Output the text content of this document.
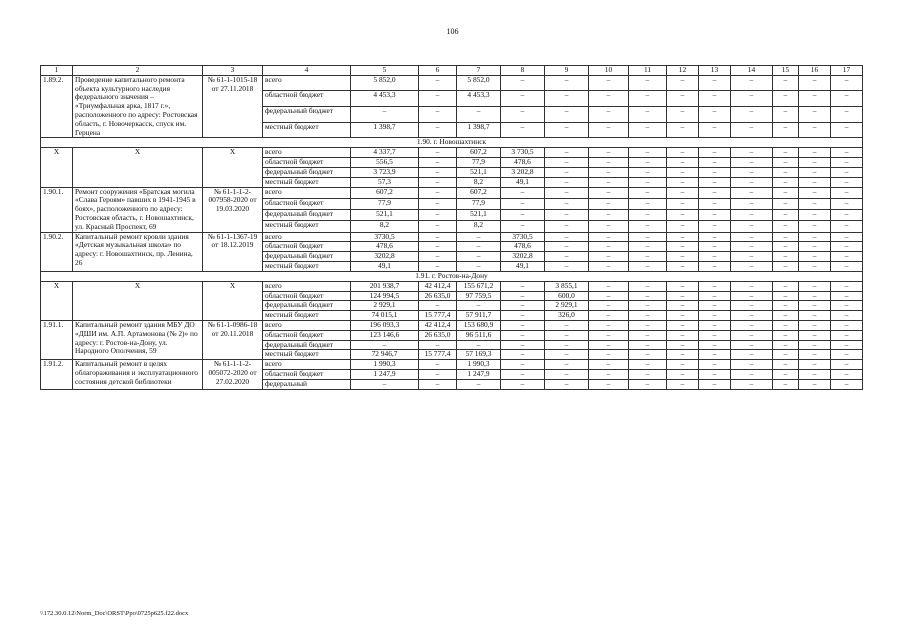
106
1	2	3	4	5	6	7	8	9	10	11	12	13	14	15	16	17
1.89.2.	Проведение капитального ремонта объекта культурного наследия федерального значения – «Триумфальная арка, 1817 г.», расположенного по адресу: Ростовская область, г. Новочеркасск, спуск им. Герцена	№ 61-1-1015-18 от 27.11.2018	всего	5 852,0	–	5 852,0	–	–	–	–	–	–	–	–	–	–
			областной бюджет	4 453,3	–	4 453,3	–	–	–	–	–	–	–	–	–	–
			федеральный бюджет	–	–	–	–	–	–	–	–	–	–	–	–	–
			местный бюджет	1 398,7	–	1 398,7	–	–	–	–	–	–	–	–	–	–
1.90. г. Новошахтинск																
Х	Х	Х	всего	4 337,7	–	607,2	3 730,5	–	–	–	–	–	–	–	–	–
			областной бюджет	556,5	–	77,9	478,6	–	–	–	–	–	–	–	–	–
			федеральный бюджет	3 723,9	–	521,1	3 202,8	–	–	–	–	–	–	–	–	–
			местный бюджет	57,3	–	8,2	49,1	–	–	–	–	–	–	–	–	–
1.90.1.	Ремонт сооружения «Братская могила «Слава Героям» павших в 1941-1945 в боях», расположенного по адресу: Ростовская область, г. Новошахтинск, ул. Красный Проспект, 69	№ 61-1-1-2-007958-2020 от 19.03.2020	всего	607,2	–	607,2	–	–	–	–	–	–	–	–	–	–
			областной бюджет	77,9	–	77,9	–	–	–	–	–	–	–	–	–	–
			федеральный бюджет	521,1	–	521,1	–	–	–	–	–	–	–	–	–	–
			местный бюджет	8,2	–	8,2	–	–	–	–	–	–	–	–	–	–
1.90.2.	Капитальный ремонт кровли здания «Детская музыкальная школа» по адресу: г. Новошахтинск, пр. Ленина, 26	№ 61-1-1367-19 от 18.12.2019	всего	3730,5	–	–	3730,5	–	–	–	–	–	–	–	–	–
			областной бюджет	478,6	–	–	478,6	–	–	–	–	–	–	–	–	–
			федеральный бюджет	3202,8	–	–	3202,8	–	–	–	–	–	–	–	–	–
			местный бюджет	49,1	–	–	49,1	–	–	–	–	–	–	–	–	–
1.91. г. Ростов-на-Дону																
Х	Х	Х	всего	201 938,7	42 412,4	155 671,2	–	3 855,1	–	–	–	–	–	–	–	–
			областной бюджет	124 994,5	26 635,0	97 759,5	–	600,0	–	–	–	–	–	–	–	–
			федеральный бюджет	2 929,1	–	–	–	2 929,1	–	–	–	–	–	–	–	–
			местный бюджет	74 015,1	15 777,4	57 911,7	–	326,0	–	–	–	–	–	–	–	–
1.91.1.	Капитальный ремонт здания МБУ ДО «ДШИ им. А.П. Артамонова (№ 2)» по адресу: г. Ростов-на-Дону, ул. Народного Ополчения, 59	№ 61-1-0986-18 от 20.11.2018	всего	196 093,3	42 412,4	153 680,9	–	–	–	–	–	–	–	–	–	–
			областной бюджет	123 146,6	26 635,0	96 511,6	–	–	–	–	–	–	–	–	–	–
			федеральный бюджет	–	–	–	–	–	–	–	–	–	–	–	–	–
			местный бюджет	72 946,7	15 777,4	57 169,3	–	–	–	–	–	–	–	–	–	–
1.91.2.	Капитальный ремонт в целях облагораживания и эксплуатационного состояния детской библиотеки	№ 61-1-1-2-005072-2020 от 27.02.2020	всего	1 990,3	–	1 990,3	–	–	–	–	–	–	–	–	–	–
			областной бюджет	1 247,9	–	1 247,9	–	–	–	–	–	–	–	–	–	–
			федеральный	–	–	–	–	–	–	–	–	–	–	–	–	–
\\172.30.0.12\Norm_Doc\ORST\Ppo\0725p625.f22.docx
